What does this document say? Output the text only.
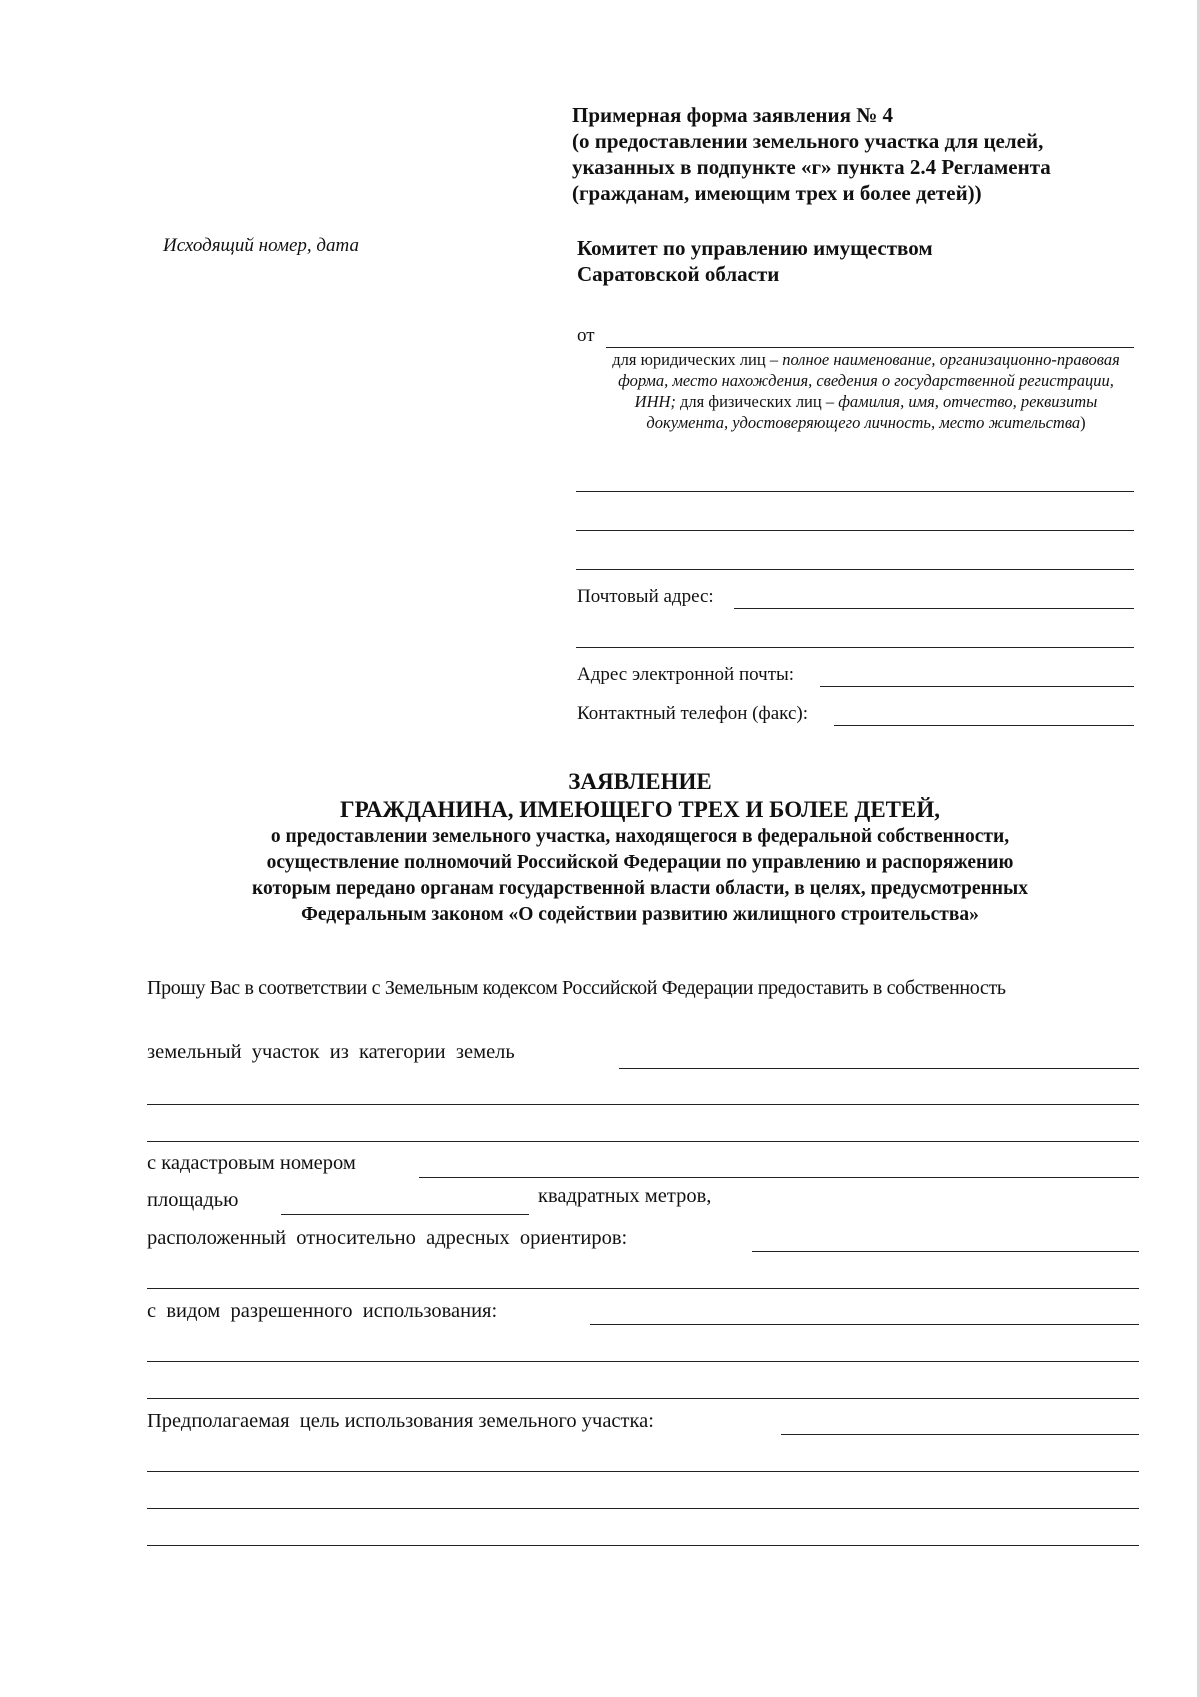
Примерная форма заявления № 4
(о предоставлении земельного участка для целей,
указанных в подпункте «г» пункта 2.4 Регламента
(гражданам, имеющим трех и более детей))
Исходящий номер, дата	Комитет по управлению имуществом
Саратовской области
от
для юридических лиц – полное наименование, организационно-правовая форма, место нахождения, сведения о государственной регистрации, ИНН; для физических лиц – фамилия, имя, отчество, реквизиты документа, удостоверяющего личность, место жительства)
Почтовый адрес:
Адрес электронной почты:
Контактный телефон (факс):
ЗАЯВЛЕНИЕ
ГРАЖДАНИНА, ИМЕЮЩЕГО ТРЕХ И БОЛЕЕ ДЕТЕЙ,
о предоставлении земельного участка, находящегося в федеральной собственности,
осуществление полномочий Российской Федерации по управлению и распоряжению
которым передано органам государственной власти области, в целях, предусмотренных
Федеральным законом «О содействии развитию жилищного строительства»
Прошу Вас в соответствии с Земельным кодексом Российской Федерации предоставить в собственность
земельный  участок  из  категории  земель
с кадастровым номером
площадью	квадратных метров,
расположенный  относительно  адресных  ориентиров:
с  видом  разрешенного  использования:
Предполагаемая  цель использования земельного участка:
